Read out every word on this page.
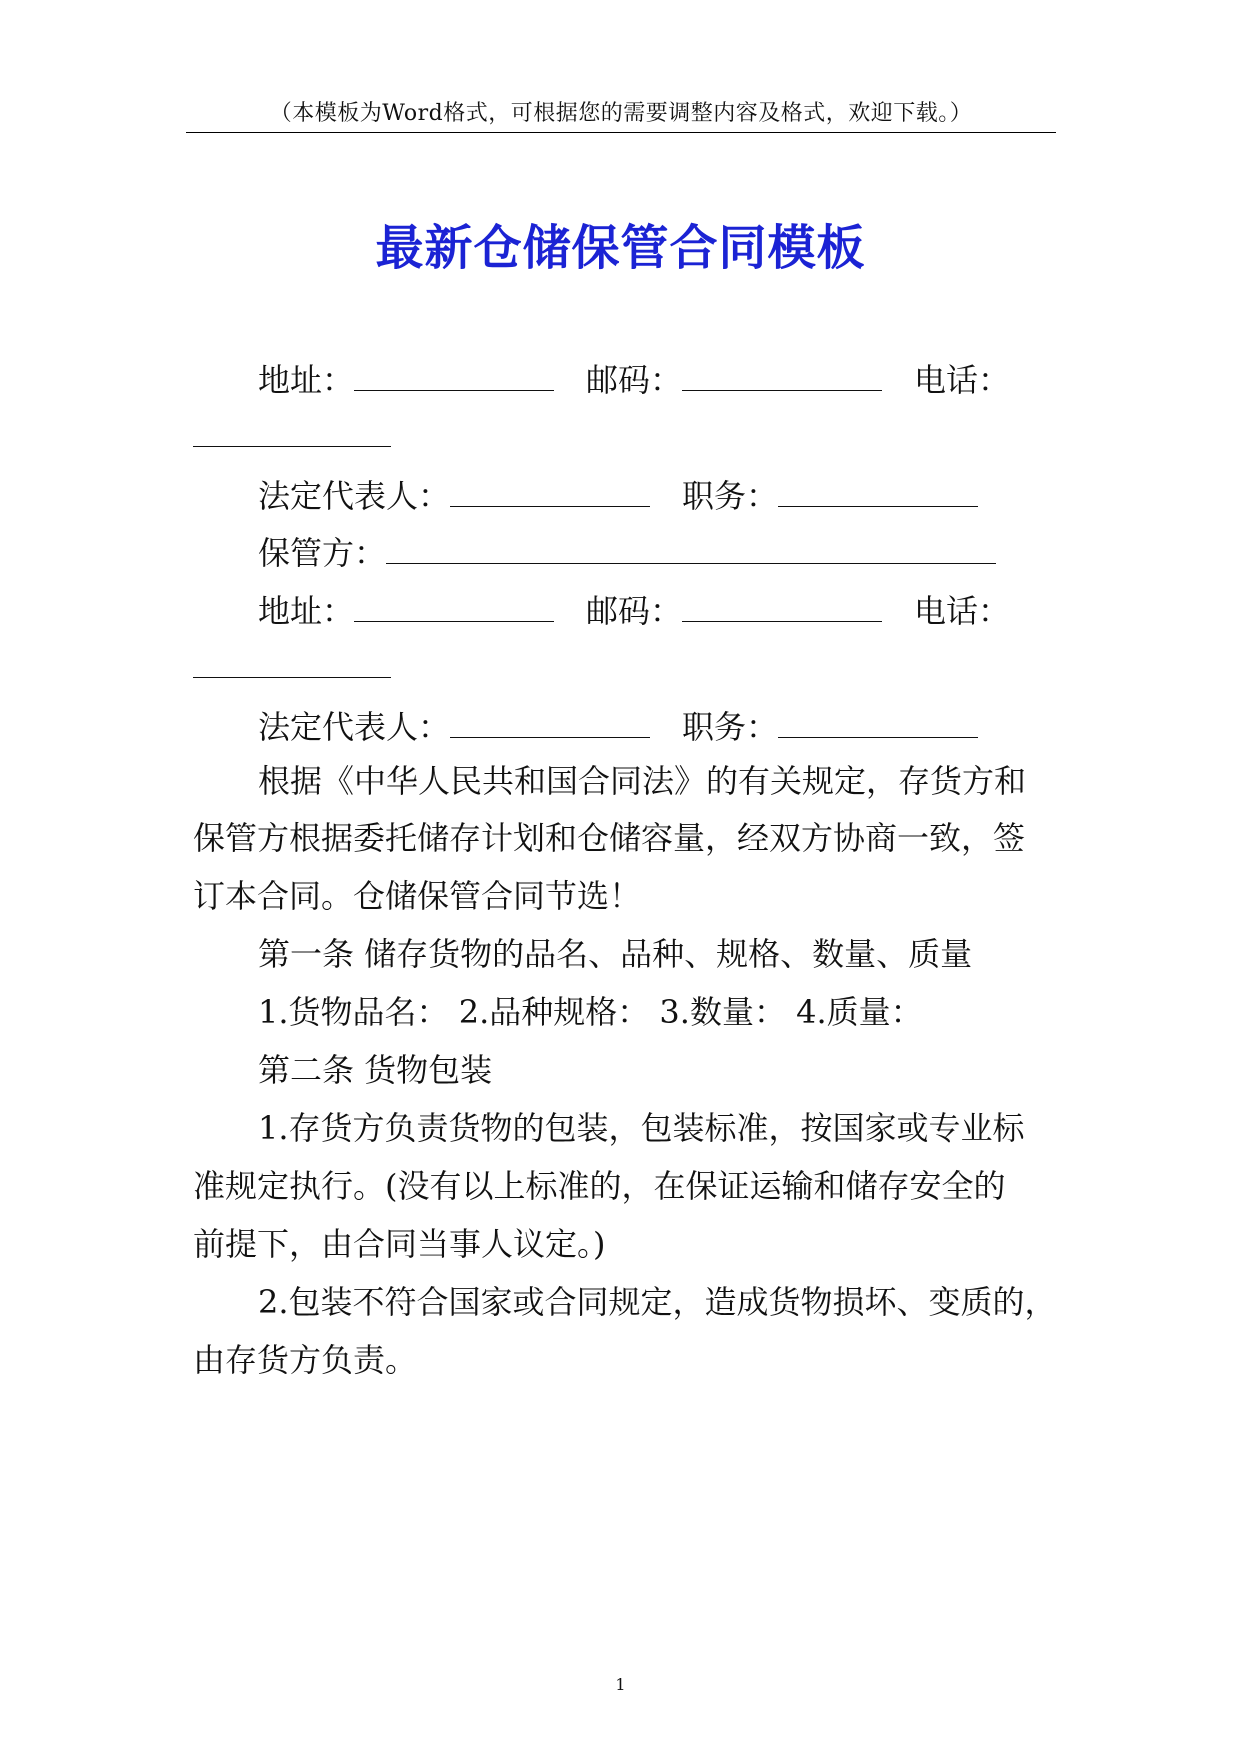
（本模板为Word格式，可根据您的需要调整内容及格式，欢迎下载。）
最新仓储保管合同模板
地址：	邮码：	电话：
法定代表人：	职务：
保管方：
地址：	邮码：	电话：
法定代表人：	职务：
根据《中华人民共和国合同法》的有关规定，存货方和
保管方根据委托储存计划和仓储容量，经双方协商一致，签
订本合同。仓储保管合同节选！
第一条 储存货物的品名、品种、规格、数量、质量
1.货物品名： 2.品种规格： 3.数量： 4.质量：
第二条 货物包装
1.存货方负责货物的包装，包装标准，按国家或专业标
准规定执行。(没有以上标准的，在保证运输和储存安全的
前提下，由合同当事人议定。)
2.包装不符合国家或合同规定，造成货物损坏、变质的，
由存货方负责。
1
